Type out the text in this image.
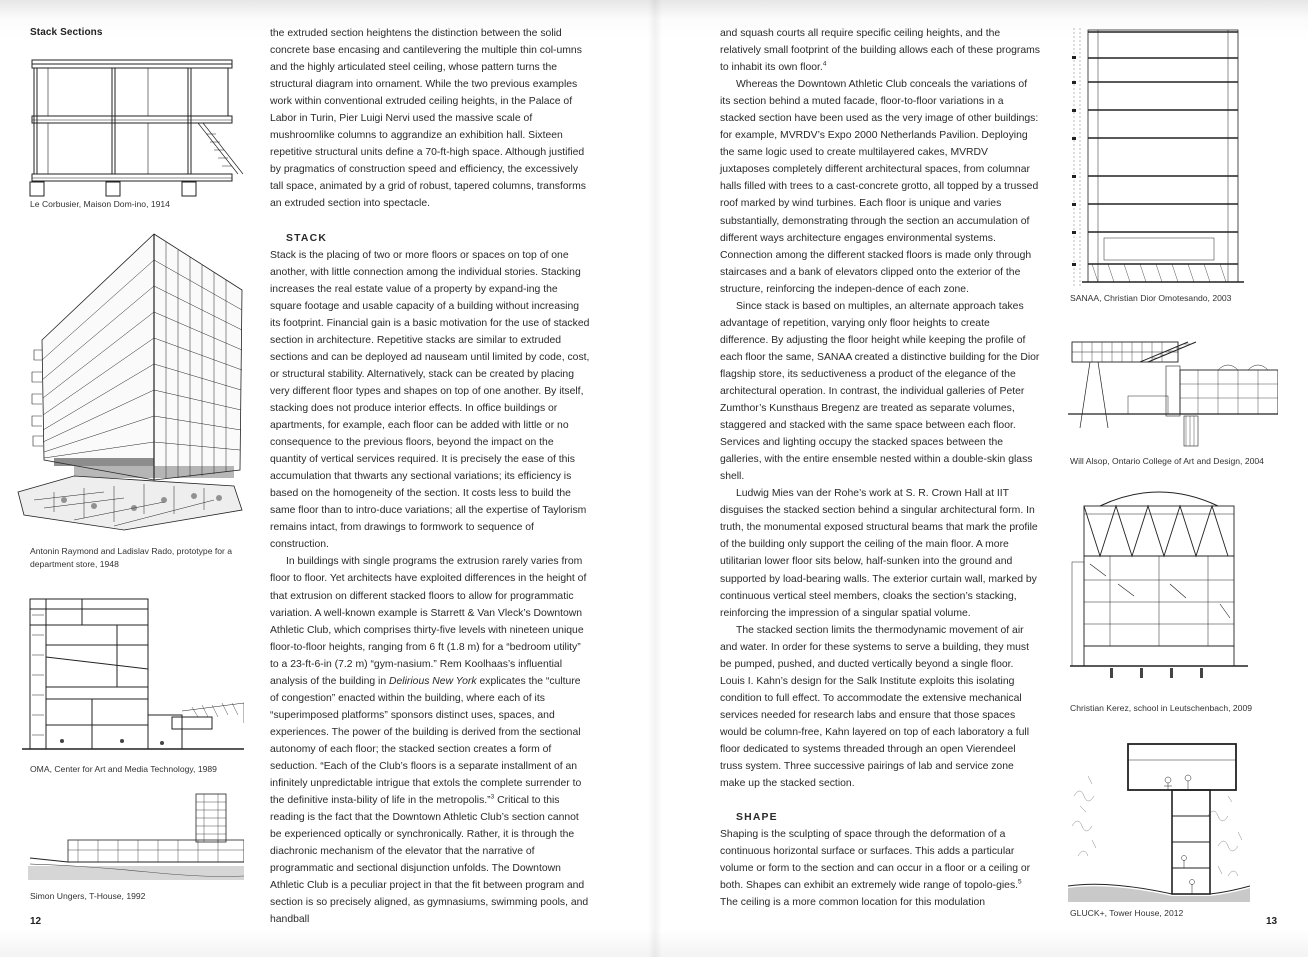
Stack Sections
Le Corbusier, Maison Dom-ino, 1914
Antonin Raymond and Ladislav Rado, prototype for a department store, 1948
OMA, Center for Art and Media Technology, 1989
Simon Ungers, T-House, 1992
12

the extruded section heightens the distinction between the solid concrete base encasing and cantilevering the multiple thin col-umns and the highly articulated steel ceiling, whose pattern turns the structural diagram into ornament. While the two previous examples work within conventional extruded ceiling heights, in the Palace of Labor in Turin, Pier Luigi Nervi used the massive scale of mushroomlike columns to aggrandize an exhibition hall. Sixteen repetitive structural units define a 70-ft-high space. Although justified by pragmatics of construction speed and efficiency, the excessively tall space, animated by a grid of robust, tapered columns, transforms an extruded section into spectacle.

STACK

Stack is the placing of two or more floors or spaces on top of one another, with little connection among the individual stories. Stacking increases the real estate value of a property by expand-ing the square footage and usable capacity of a building without increasing its footprint. Financial gain is a basic motivation for the use of stacked section in architecture. Repetitive stacks are similar to extruded sections and can be deployed ad nauseam until limited by code, cost, or structural stability. Alternatively, stack can be created by placing very different floor types and shapes on top of one another. By itself, stacking does not produce interior effects. In office buildings or apartments, for example, each floor can be added with little or no consequence to the previous floors, beyond the impact on the quantity of vertical services required. It is precisely the ease of this accumulation that thwarts any sectional variations; its efficiency is based on the homogeneity of the section. It costs less to build the same floor than to intro-duce variations; all the expertise of Taylorism remains intact, from drawings to formwork to sequence of construction.

In buildings with single programs the extrusion rarely varies from floor to floor. Yet architects have exploited differences in the height of that extrusion on different stacked floors to allow for programmatic variation. A well-known example is Starrett & Van Vleck’s Downtown Athletic Club, which comprises thirty-five levels with nineteen unique floor-to-floor heights, ranging from 6 ft (1.8 m) for a “bedroom utility” to a 23-ft-6-in (7.2 m) “gym-nasium.” Rem Koolhaas’s influential analysis of the building in Delirious New York explicates the “culture of congestion” enacted within the building, where each of its “superimposed platforms” sponsors distinct uses, spaces, and experiences. The power of the building is derived from the sectional autonomy of each floor; the stacked section creates a form of seduction. “Each of the Club’s floors is a separate installment of an infinitely unpredictable intrigue that extols the complete surrender to the definitive insta-bility of life in the metropolis.”$^3$ Critical to this reading is the fact that the Downtown Athletic Club’s section cannot be experienced optically or synchronically. Rather, it is through the diachronic mechanism of the elevator that the narrative of programmatic and sectional disjunction unfolds. The Downtown Athletic Club is a peculiar project in that the fit between program and section is so precisely aligned, as gymnasiums, swimming pools, and handball

and squash courts all require specific ceiling heights, and the relatively small footprint of the building allows each of these programs to inhabit its own floor.$^4$

Whereas the Downtown Athletic Club conceals the variations of its section behind a muted facade, floor-to-floor variations in a stacked section have been used as the very image of other buildings: for example, MVRDV’s Expo 2000 Netherlands Pavilion. Deploying the same logic used to create multilayered cakes, MVRDV juxtaposes completely different architectural spaces, from columnar halls filled with trees to a cast-concrete grotto, all topped by a trussed roof marked by wind turbines. Each floor is unique and varies substantially, demonstrating through the section an accumulation of different ways architecture engages environmental systems. Connection among the different stacked floors is made only through staircases and a bank of elevators clipped onto the exterior of the structure, reinforcing the indepen-dence of each zone.

Since stack is based on multiples, an alternate approach takes advantage of repetition, varying only floor heights to create difference. By adjusting the floor height while keeping the profile of each floor the same, SANAA created a distinctive building for the Dior flagship store, its seductiveness a product of the elegance of the architectural operation. In contrast, the individual galleries of Peter Zumthor’s Kunsthaus Bregenz are treated as separate volumes, staggered and stacked with the same space between each floor. Services and lighting occupy the stacked spaces between the galleries, with the entire ensemble nested within a double-skin glass shell.

Ludwig Mies van der Rohe’s work at S. R. Crown Hall at IIT disguises the stacked section behind a singular architectural form. In truth, the monumental exposed structural beams that mark the profile of the building only support the ceiling of the main floor. A more utilitarian lower floor sits below, half-sunken into the ground and supported by load-bearing walls. The exterior curtain wall, marked by continuous vertical steel members, cloaks the section’s stacking, reinforcing the impression of a singular spatial volume.

The stacked section limits the thermodynamic movement of air and water. In order for these systems to serve a building, they must be pumped, pushed, and ducted vertically beyond a single floor. Louis I. Kahn’s design for the Salk Institute exploits this isolating condition to full effect. To accommodate the extensive mechanical services needed for research labs and ensure that those spaces would be column-free, Kahn layered on top of each laboratory a full floor dedicated to systems threaded through an open Vierendeel truss system. Three successive pairings of lab and service zone make up the stacked section.

SHAPE

Shaping is the sculpting of space through the deformation of a continuous horizontal surface or surfaces. This adds a particular volume or form to the section and can occur in a floor or a ceiling or both. Shapes can exhibit an extremely wide range of topolo-gies.$^5$ The ceiling is a more common location for this modulation

SANAA, Christian Dior Omotesando, 2003
Will Alsop, Ontario College of Art and Design, 2004
Christian Kerez, school in Leutschenbach, 2009
GLUCK+, Tower House, 2012
13
